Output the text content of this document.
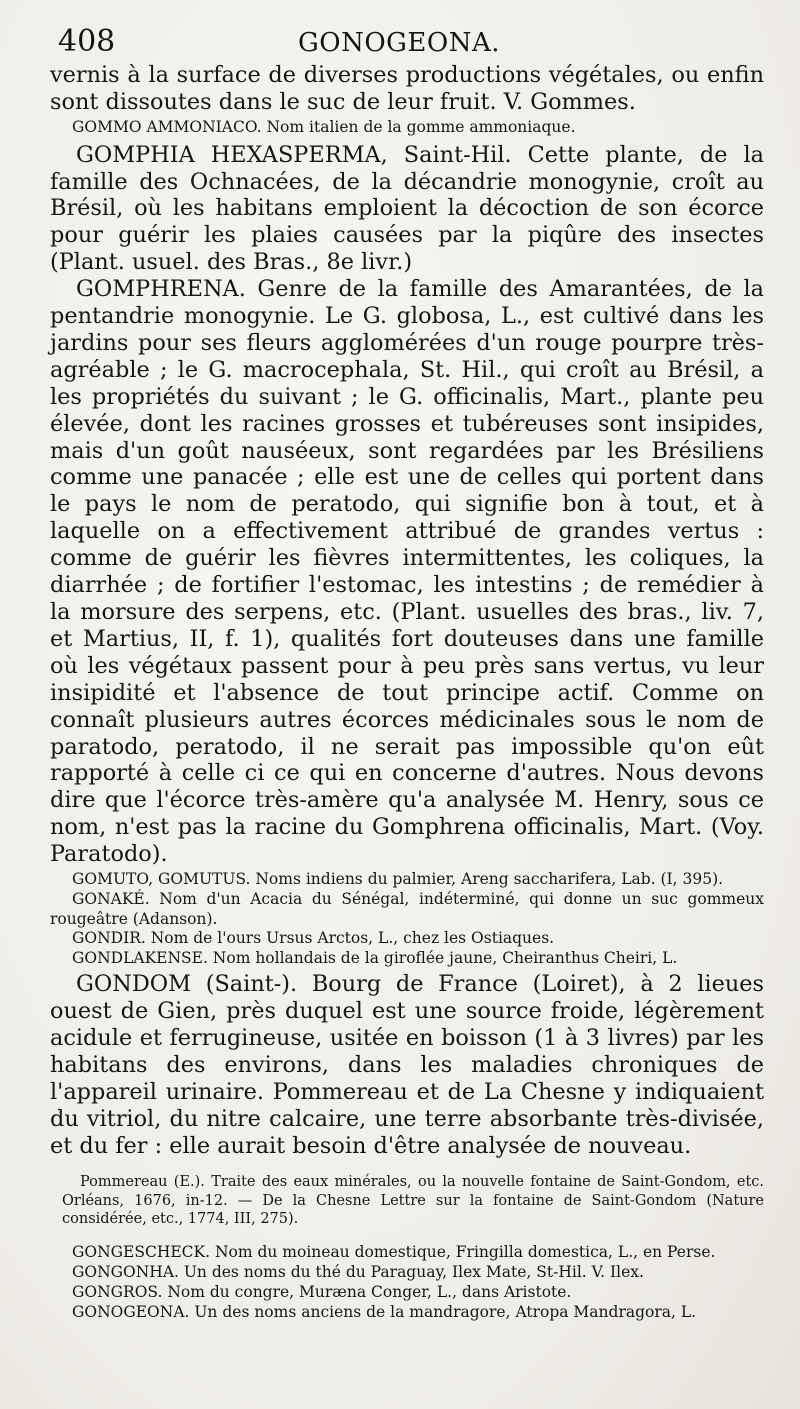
408	GONOGEONA.

vernis à la surface de diverses productions végétales, ou enfin sont dissoutes dans le suc de leur fruit. V. Gommes.

GOMMO AMMONIACO. Nom italien de la gomme ammoniaque.

GOMPHIA HEXASPERMA, Saint-Hil. Cette plante, de la famille des Ochnacées, de la décandrie monogynie, croît au Brésil, où les habitans emploient la décoction de son écorce pour guérir les plaies causées par la piqûre des insectes (Plant. usuel. des Bras., 8e livr.)

GOMPHRENA. Genre de la famille des Amarantées, de la pentandrie monogynie. Le G. globosa, L., est cultivé dans les jardins pour ses fleurs agglomérées d'un rouge pourpre très-agréable ; le G. macrocephala, St. Hil., qui croît au Brésil, a les propriétés du suivant ; le G. officinalis, Mart., plante peu élevée, dont les racines grosses et tubéreuses sont insipides, mais d'un goût nauséeux, sont regardées par les Brésiliens comme une panacée ; elle est une de celles qui portent dans le pays le nom de peratodo, qui signifie bon à tout, et à laquelle on a effectivement attribué de grandes vertus : comme de guérir les fièvres intermittentes, les coliques, la diarrhée ; de fortifier l'estomac, les intestins ; de remédier à la morsure des serpens, etc. (Plant. usuelles des bras., liv. 7, et Martius, II, f. 1), qualités fort douteuses dans une famille où les végétaux passent pour à peu près sans vertus, vu leur insipidité et l'absence de tout principe actif. Comme on connaît plusieurs autres écorces médicinales sous le nom de paratodo, peratodo, il ne serait pas impossible qu'on eût rapporté à celle ci ce qui en concerne d'autres. Nous devons dire que l'écorce très-amère qu'a analysée M. Henry, sous ce nom, n'est pas la racine du Gomphrena officinalis, Mart. (Voy. Paratodo).

GOMUTO, GOMUTUS. Noms indiens du palmier, Areng saccharifera, Lab. (I, 395).

GONAKÉ. Nom d'un Acacia du Sénégal, indéterminé, qui donne un suc gommeux rougeâtre (Adanson).

GONDIR. Nom de l'ours Ursus Arctos, L., chez les Ostiaques.

GONDLAKENSE. Nom hollandais de la giroflée jaune, Cheiranthus Cheiri, L.

GONDOM (Saint-). Bourg de France (Loiret), à 2 lieues ouest de Gien, près duquel est une source froide, légèrement acidule et ferrugineuse, usitée en boisson (1 à 3 livres) par les habitans des environs, dans les maladies chroniques de l'appareil urinaire. Pommereau et de La Chesne y indiquaient du vitriol, du nitre calcaire, une terre absorbante très-divisée, et du fer : elle aurait besoin d'être analysée de nouveau.

Pommereau (E.). Traite des eaux minérales, ou la nouvelle fontaine de Saint-Gondom, etc. Orléans, 1676, in-12. — De la Chesne Lettre sur la fontaine de Saint-Gondom (Nature considérée, etc., 1774, III, 275).

GONGESCHECK. Nom du moineau domestique, Fringilla domestica, L., en Perse.

GONGONHA. Un des noms du thé du Paraguay, Ilex Mate, St-Hil. V. Ilex.

GONGROS. Nom du congre, Muræna Conger, L., dans Aristote.

GONOGEONA. Un des noms anciens de la mandragore, Atropa Mandragora, L.
